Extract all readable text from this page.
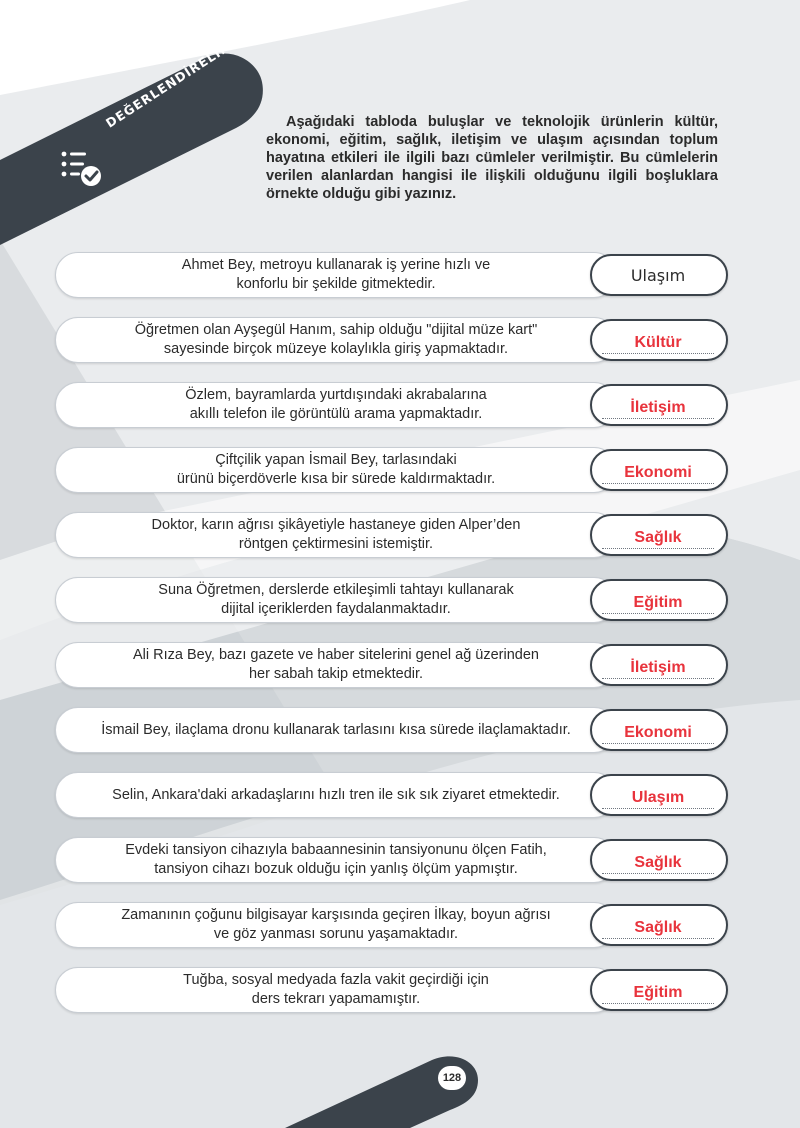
DEĞERLENDİRELİM	Aşağıdaki tabloda buluşlar ve teknolojik ürünlerin kültür, ekonomi, eğitim, sağlık, iletişim ve ulaşım açısından toplum hayatına etkileri ile ilgili bazı cümleler verilmiştir. Bu cümlelerin verilen alanlardan hangisi ile ilişkili olduğunu ilgili boşluklara örnekte olduğu gibi yazınız.

Ahmet Bey, metroyu kullanarak iş yerine hızlı ve
konforlu bir şekilde gitmektedir.	Ulaşım
Öğretmen olan Ayşegül Hanım, sahip olduğu "dijital müze kart"
sayesinde birçok müzeye kolaylıkla giriş yapmaktadır.	Kültür
Özlem, bayramlarda yurtdışındaki akrabalarına
akıllı telefon ile görüntülü arama yapmaktadır.	İletişim
Çiftçilik yapan İsmail Bey, tarlasındaki
ürünü biçerdöverle kısa bir sürede kaldırmaktadır.	Ekonomi
Doktor, karın ağrısı şikâyetiyle hastaneye giden Alper’den
röntgen çektirmesini istemiştir.	Sağlık
Suna Öğretmen, derslerde etkileşimli tahtayı kullanarak
dijital içeriklerden faydalanmaktadır.	Eğitim
Ali Rıza Bey, bazı gazete ve haber sitelerini genel ağ üzerinden
her sabah takip etmektedir.	İletişim
İsmail Bey, ilaçlama dronu kullanarak tarlasını kısa sürede ilaçlamaktadır.	Ekonomi
Selin, Ankara'daki arkadaşlarını hızlı tren ile sık sık ziyaret etmektedir.	Ulaşım
Evdeki tansiyon cihazıyla babaannesinin tansiyonunu ölçen Fatih,
tansiyon cihazı bozuk olduğu için yanlış ölçüm yapmıştır.	Sağlık
Zamanının çoğunu bilgisayar karşısında geçiren İlkay, boyun ağrısı
ve göz yanması sorunu yaşamaktadır.	Sağlık
Tuğba, sosyal medyada fazla vakit geçirdiği için
ders tekrarı yapamamıştır.	Eğitim
128
